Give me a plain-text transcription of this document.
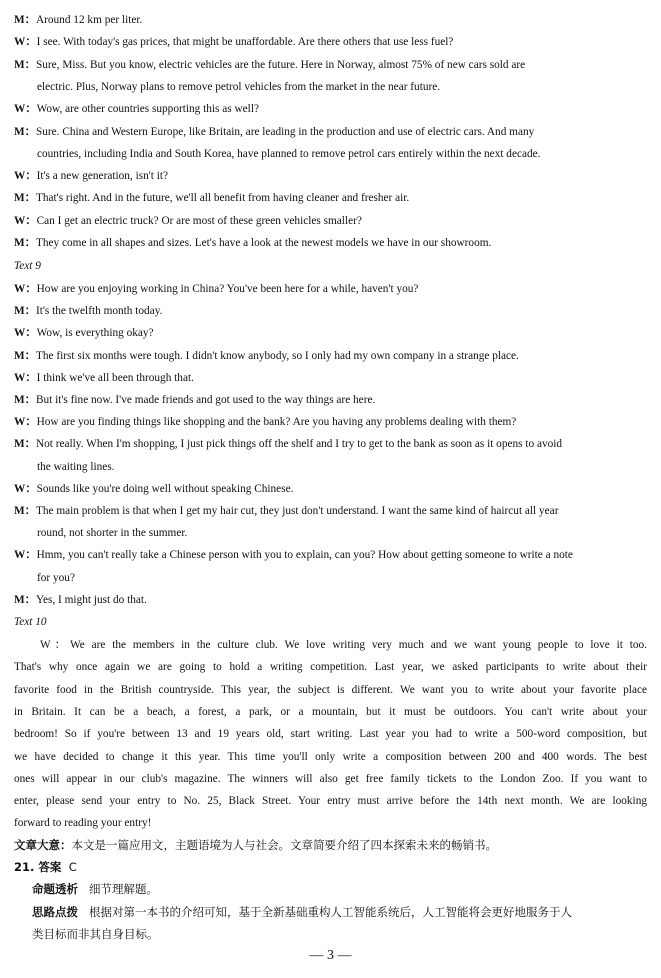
M：Around 12 km per liter.
W：I see. With today's gas prices, that might be unaffordable. Are there others that use less fuel?
M：Sure, Miss. But you know, electric vehicles are the future. Here in Norway, almost 75% of new cars sold are
electric. Plus, Norway plans to remove petrol vehicles from the market in the near future.
W：Wow, are other countries supporting this as well?
M：Sure. China and Western Europe, like Britain, are leading in the production and use of electric cars. And many
countries, including India and South Korea, have planned to remove petrol cars entirely within the next decade.
W：It's a new generation, isn't it?
M：That's right. And in the future, we'll all benefit from having cleaner and fresher air.
W：Can I get an electric truck? Or are most of these green vehicles smaller?
M：They come in all shapes and sizes. Let's have a look at the newest models we have in our showroom.
Text 9
W：How are you enjoying working in China? You've been here for a while, haven't you?
M：It's the twelfth month today.
W：Wow, is everything okay?
M：The first six months were tough. I didn't know anybody, so I only had my own company in a strange place.
W：I think we've all been through that.
M：But it's fine now. I've made friends and got used to the way things are here.
W：How are you finding things like shopping and the bank? Are you having any problems dealing with them?
M：Not really. When I'm shopping, I just pick things off the shelf and I try to get to the bank as soon as it opens to avoid
the waiting lines.
W：Sounds like you're doing well without speaking Chinese.
M：The main problem is that when I get my hair cut, they just don't understand. I want the same kind of haircut all year
round, not shorter in the summer.
W：Hmm, you can't really take a Chinese person with you to explain, can you? How about getting someone to write a note
for you?
M：Yes, I might just do that.
Text 10
W：We are the members in the culture club. We love writing very much and we want young people to love it too.
That's why once again we are going to hold a writing competition. Last year, we asked participants to write about their
favorite food in the British countryside. This year, the subject is different. We want you to write about your favorite place
in Britain. It can be a beach, a forest, a park, or a mountain, but it must be outdoors. You can't write about your
bedroom! So if you're between 13 and 19 years old, start writing. Last year you had to write a 500-word composition, but
we have decided to change it this year. This time you'll only write a composition between 200 and 400 words. The best
ones will appear in our club's magazine. The winners will also get free family tickets to the London Zoo. If you want to
enter, please send your entry to No. 25, Black Street. Your entry must arrive before the 14th next month. We are looking
forward to reading your entry!
文章大意：本文是一篇应用文，主题语境为人与社会。文章简要介绍了四本探索未来的畅销书。
21. 答案 C
命题透析 细节理解题。
思路点拨 根据对第一本书的介绍可知，基于全新基础重构人工智能系统后，人工智能将会更好地服务于人
类目标而非其自身目标。
— 3 —
